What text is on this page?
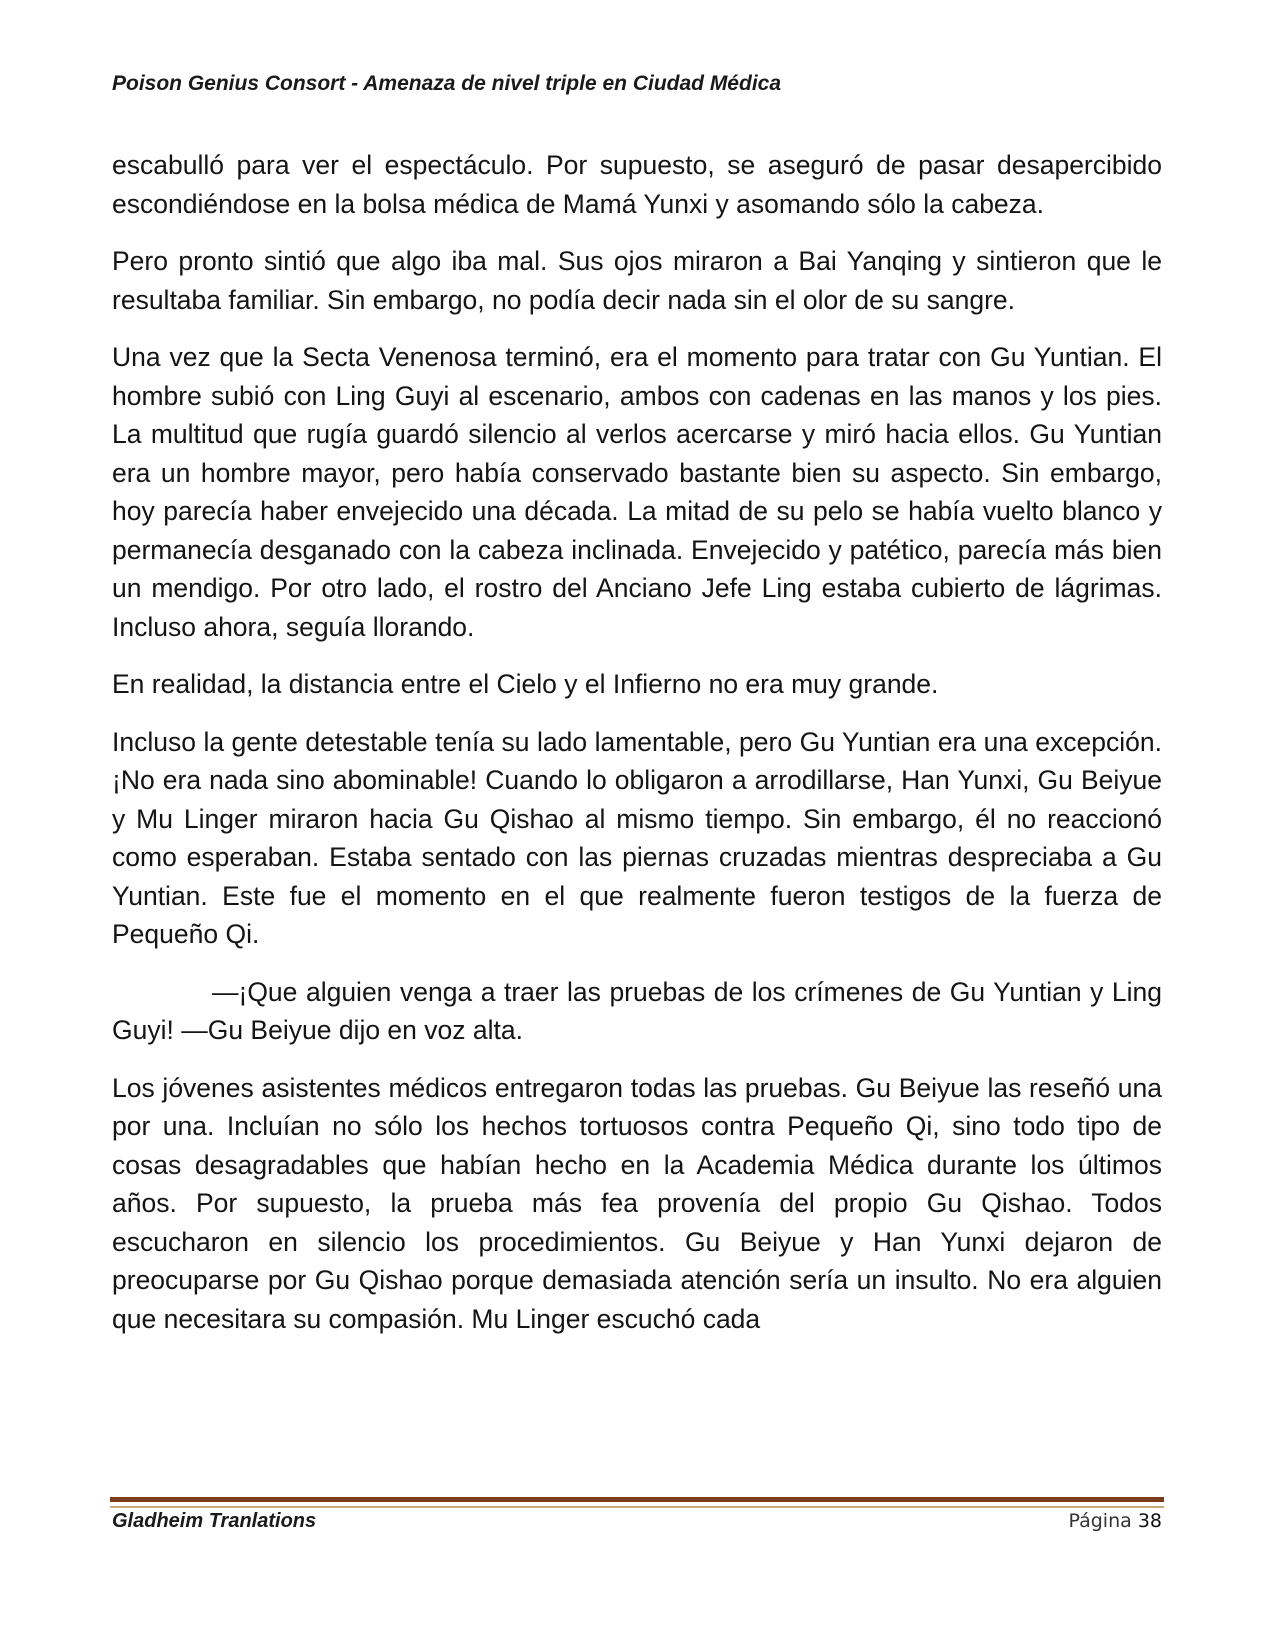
Poison Genius Consort - Amenaza de nivel triple en Ciudad Médica

escabulló para ver el espectáculo. Por supuesto, se aseguró de pasar desapercibido escondiéndose en la bolsa médica de Mamá Yunxi y asomando sólo la cabeza.

Pero pronto sintió que algo iba mal. Sus ojos miraron a Bai Yanqing y sintieron que le resultaba familiar. Sin embargo, no podía decir nada sin el olor de su sangre.

Una vez que la Secta Venenosa terminó, era el momento para tratar con Gu Yuntian. El hombre subió con Ling Guyi al escenario, ambos con cadenas en las manos y los pies. La multitud que rugía guardó silencio al verlos acercarse y miró hacia ellos. Gu Yuntian era un hombre mayor, pero había conservado bastante bien su aspecto. Sin embargo, hoy parecía haber envejecido una década. La mitad de su pelo se había vuelto blanco y permanecía desganado con la cabeza inclinada. Envejecido y patético, parecía más bien un mendigo. Por otro lado, el rostro del Anciano Jefe Ling estaba cubierto de lágrimas. Incluso ahora, seguía llorando.

En realidad, la distancia entre el Cielo y el Infierno no era muy grande.

Incluso la gente detestable tenía su lado lamentable, pero Gu Yuntian era una excepción. ¡No era nada sino abominable! Cuando lo obligaron a arrodillarse, Han Yunxi, Gu Beiyue y Mu Linger miraron hacia Gu Qishao al mismo tiempo. Sin embargo, él no reaccionó como esperaban. Estaba sentado con las piernas cruzadas mientras despreciaba a Gu Yuntian. Este fue el momento en el que realmente fueron testigos de la fuerza de Pequeño Qi.

—¡Que alguien venga a traer las pruebas de los crímenes de Gu Yuntian y Ling Guyi! —Gu Beiyue dijo en voz alta.

Los jóvenes asistentes médicos entregaron todas las pruebas. Gu Beiyue las reseñó una por una. Incluían no sólo los hechos tortuosos contra Pequeño Qi, sino todo tipo de cosas desagradables que habían hecho en la Academia Médica durante los últimos años. Por supuesto, la prueba más fea provenía del propio Gu Qishao. Todos escucharon en silencio los procedimientos. Gu Beiyue y Han Yunxi dejaron de preocuparse por Gu Qishao porque demasiada atención sería un insulto. No era alguien que necesitara su compasión. Mu Linger escuchó cada

Gladheim Tranlations	Página 38
